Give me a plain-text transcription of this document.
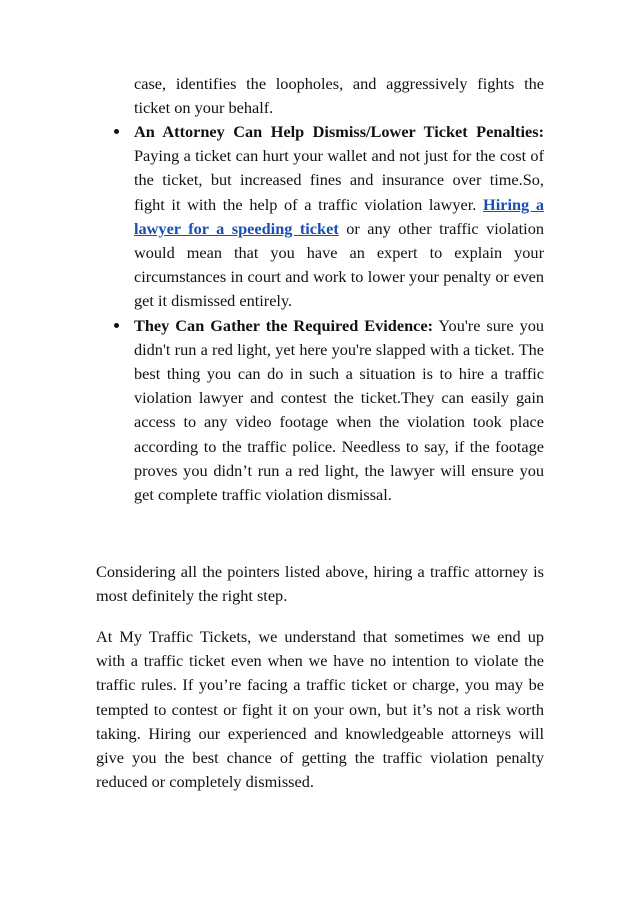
case, identifies the loopholes, and aggressively fights the ticket on your behalf.
An Attorney Can Help Dismiss/Lower Ticket Penalties: Paying a ticket can hurt your wallet and not just for the cost of the ticket, but increased fines and insurance over time.So, fight it with the help of a traffic violation lawyer. Hiring a lawyer for a speeding ticket or any other traffic violation would mean that you have an expert to explain your circumstances in court and work to lower your penalty or even get it dismissed entirely.
They Can Gather the Required Evidence: You're sure you didn't run a red light, yet here you're slapped with a ticket. The best thing you can do in such a situation is to hire a traffic violation lawyer and contest the ticket.They can easily gain access to any video footage when the violation took place according to the traffic police. Needless to say, if the footage proves you didn’t run a red light, the lawyer will ensure you get complete traffic violation dismissal.

Considering all the pointers listed above, hiring a traffic attorney is most definitely the right step.

At My Traffic Tickets, we understand that sometimes we end up with a traffic ticket even when we have no intention to violate the traffic rules. If you’re facing a traffic ticket or charge, you may be tempted to contest or fight it on your own, but it’s not a risk worth taking. Hiring our experienced and knowledgeable attorneys will give you the best chance of getting the traffic violation penalty reduced or completely dismissed.
